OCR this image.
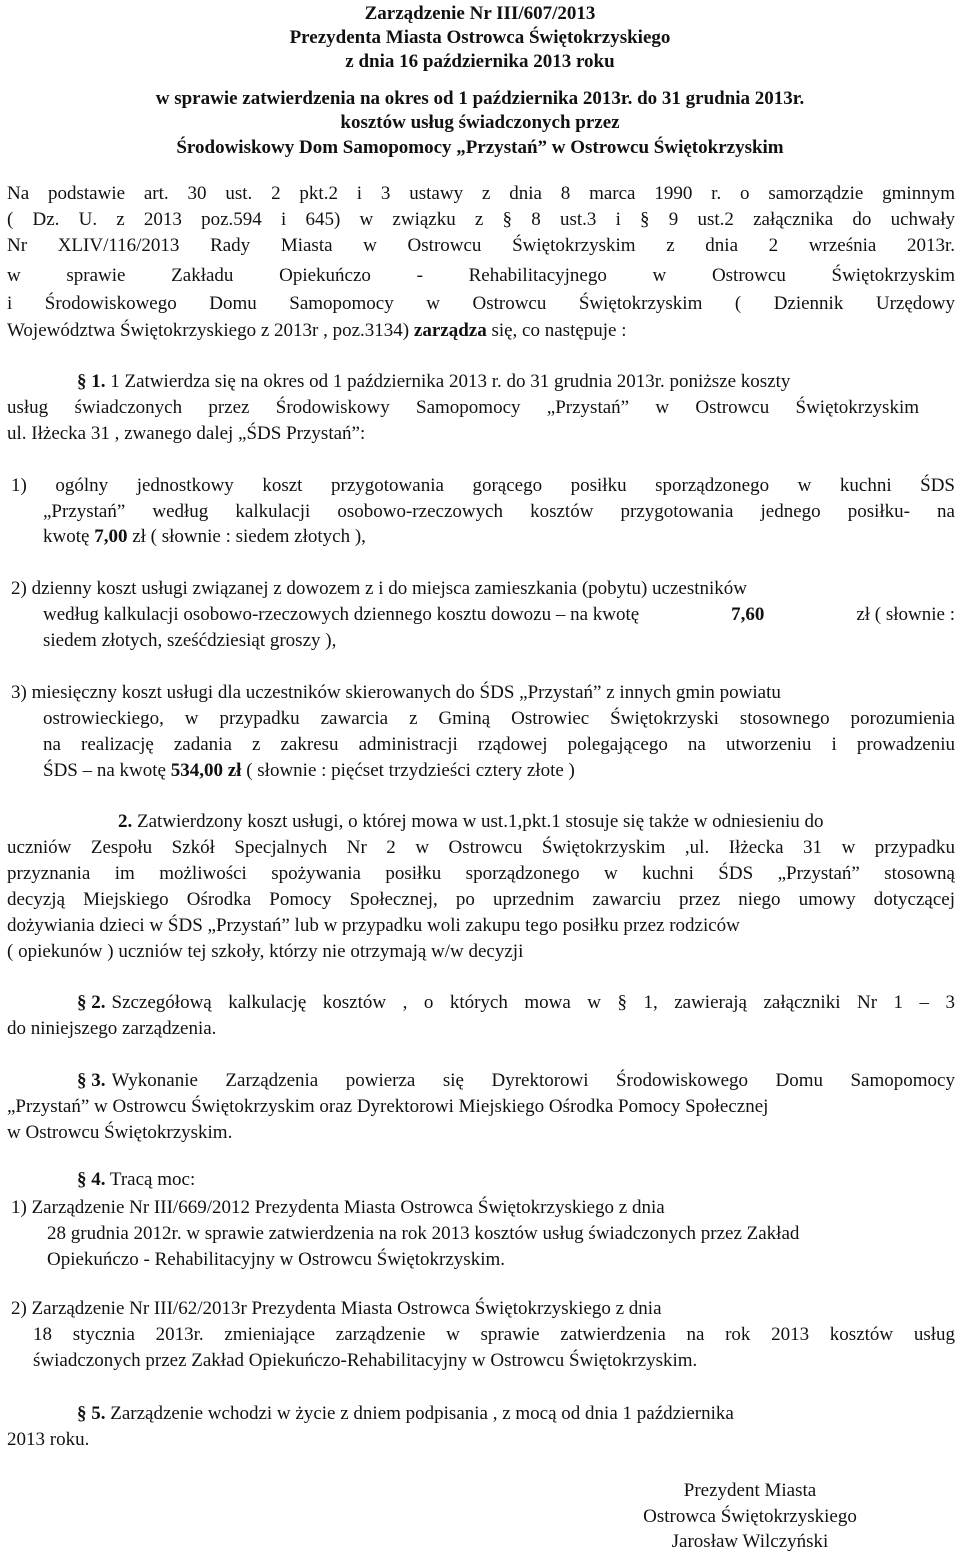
Zarządzenie Nr III/607/2013
Prezydenta Miasta Ostrowca Świętokrzyskiego
z dnia 16 października 2013 roku
w sprawie zatwierdzenia na okres od 1 października 2013r. do 31 grudnia 2013r.
kosztów usług świadczonych przez
Środowiskowy Dom Samopomocy „Przystań” w Ostrowcu Świętokrzyskim
Na podstawie art. 30 ust. 2 pkt.2 i 3 ustawy z dnia 8 marca 1990 r. o samorządzie gminnym
( Dz. U. z 2013 poz.594 i 645) w związku z § 8 ust.3 i § 9 ust.2 załącznika do uchwały
Nr XLIV/116/2013 Rady Miasta w Ostrowcu Świętokrzyskim z dnia 2 września 2013r.
w sprawie Zakładu Opiekuńczo - Rehabilitacyjnego w Ostrowcu Świętokrzyskim
i Środowiskowego Domu Samopomocy w Ostrowcu Świętokrzyskim ( Dziennik Urzędowy
Województwa Świętokrzyskiego z 2013r , poz.3134) zarządza się, co następuje :
§ 1. 1 Zatwierdza się na okres od 1 października 2013 r. do 31 grudnia 2013r. poniższe koszty
usług świadczonych przez Środowiskowy Samopomocy „Przystań” w Ostrowcu Świętokrzyskim
ul. Iłżecka 31 , zwanego dalej „ŚDS Przystań”:
1) ogólny jednostkowy koszt przygotowania gorącego posiłku sporządzonego w kuchni ŚDS
„Przystań” według kalkulacji osobowo-rzeczowych kosztów przygotowania jednego posiłku- na
kwotę 7,00 zł ( słownie : siedem złotych ),
2) dzienny koszt usługi związanej z dowozem z i do miejsca zamieszkania (pobytu) uczestników
według kalkulacji osobowo-rzeczowych dziennego kosztu dowozu – na kwotę	7,60	zł ( słownie :
siedem złotych, sześćdziesiąt groszy ),
3) miesięczny koszt usługi dla uczestników skierowanych do ŚDS „Przystań” z innych gmin powiatu
ostrowieckiego, w przypadku zawarcia z Gminą Ostrowiec Świętokrzyski stosownego porozumienia
na realizację zadania z zakresu administracji rządowej polegającego na utworzeniu i prowadzeniu
ŚDS – na kwotę 534,00 zł ( słownie : pięćset trzydzieści cztery złote )
2. Zatwierdzony koszt usługi, o której mowa w ust.1,pkt.1 stosuje się także w odniesieniu do
uczniów Zespołu Szkół Specjalnych Nr 2 w Ostrowcu Świętokrzyskim ,ul. Iłżecka 31 w przypadku
przyznania im możliwości spożywania posiłku sporządzonego w kuchni ŚDS „Przystań” stosowną
decyzją Miejskiego Ośrodka Pomocy Społecznej, po uprzednim zawarciu przez niego umowy dotyczącej
dożywiania dzieci w ŚDS „Przystań” lub w przypadku woli zakupu tego posiłku przez rodziców
( opiekunów ) uczniów tej szkoły, którzy nie otrzymają w/w decyzji
§ 2. Szczegółową kalkulację kosztów , o których mowa w § 1, zawierają załączniki Nr 1 – 3
do niniejszego zarządzenia.
§ 3. Wykonanie Zarządzenia powierza się Dyrektorowi Środowiskowego Domu Samopomocy
„Przystań” w Ostrowcu Świętokrzyskim oraz Dyrektorowi Miejskiego Ośrodka Pomocy Społecznej
w Ostrowcu Świętokrzyskim.
§ 4. Tracą moc:
1) Zarządzenie Nr III/669/2012 Prezydenta Miasta Ostrowca Świętokrzyskiego z dnia
28 grudnia 2012r. w sprawie zatwierdzenia na rok 2013 kosztów usług świadczonych przez Zakład
Opiekuńczo - Rehabilitacyjny w Ostrowcu Świętokrzyskim.
2) Zarządzenie Nr III/62/2013r Prezydenta Miasta Ostrowca Świętokrzyskiego z dnia
18 stycznia 2013r. zmieniające zarządzenie w sprawie zatwierdzenia na rok 2013 kosztów usług
świadczonych przez Zakład Opiekuńczo-Rehabilitacyjny w Ostrowcu Świętokrzyskim.
§ 5. Zarządzenie wchodzi w życie z dniem podpisania , z mocą od dnia 1 października
2013 roku.
Prezydent Miasta
Ostrowca Świętokrzyskiego
Jarosław Wilczyński
